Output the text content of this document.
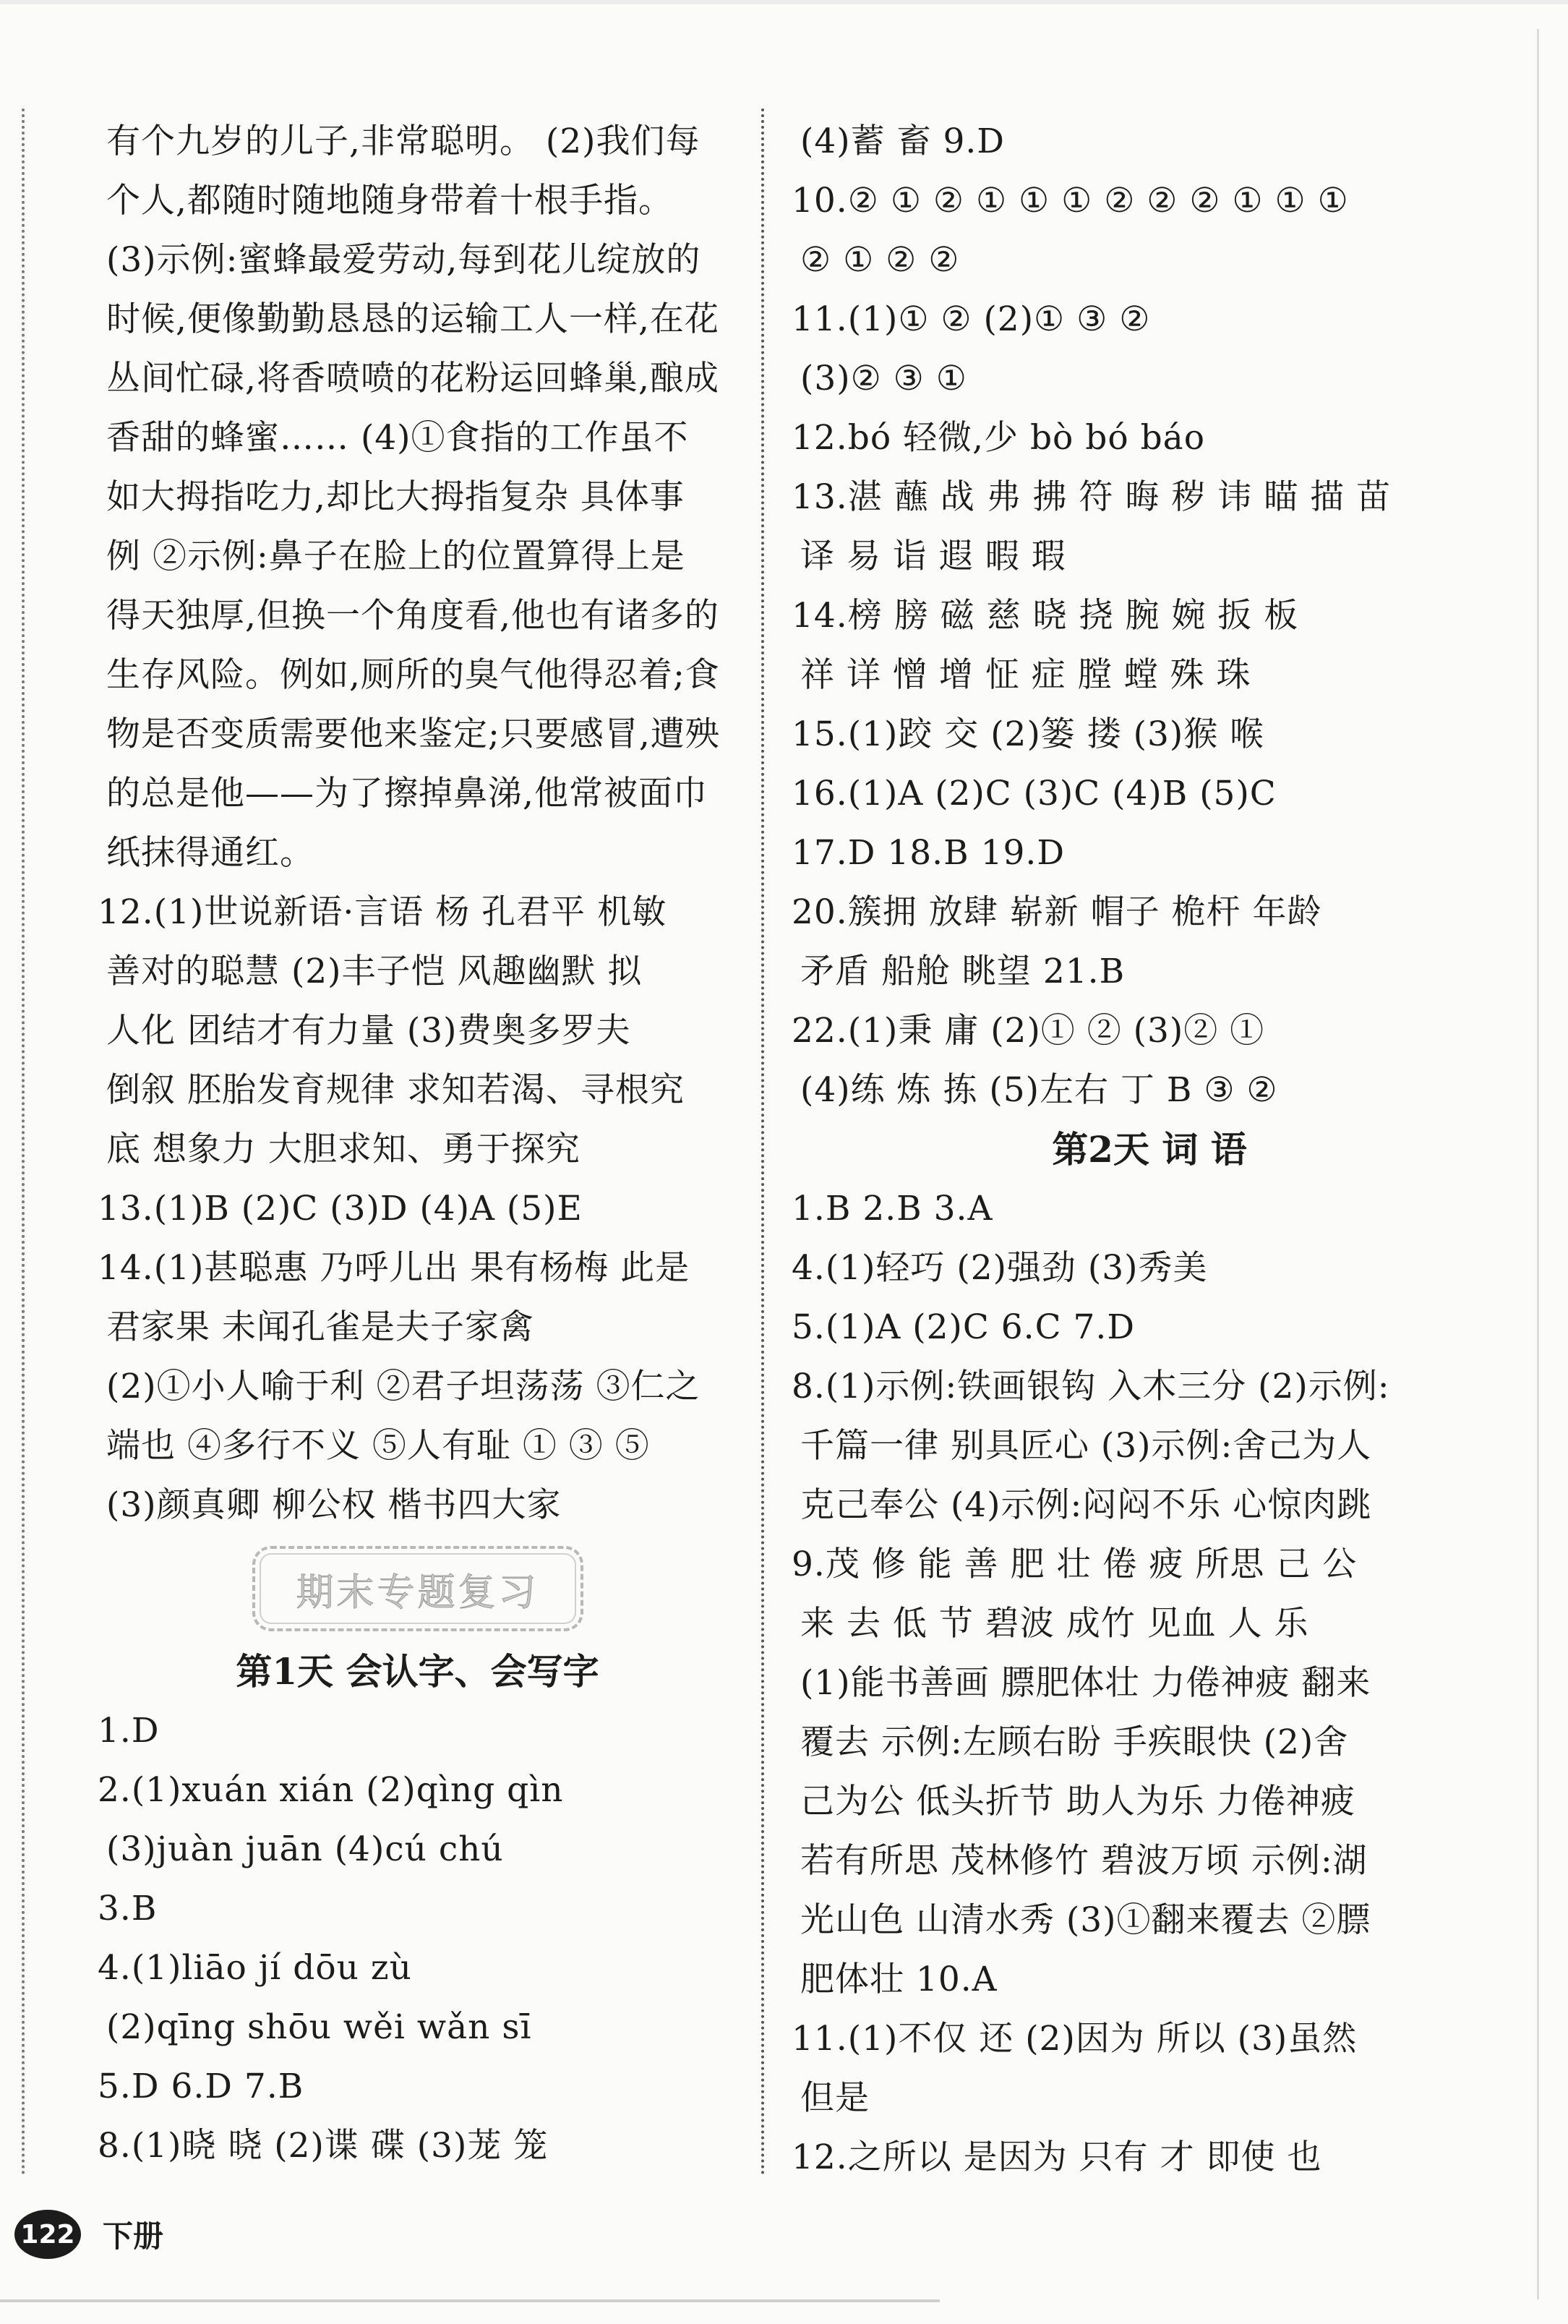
有个九岁的儿子,非常聪明。 (2)我们每
个人,都随时随地随身带着十根手指。
(3)示例:蜜蜂最爱劳动,每到花儿绽放的
时候,便像勤勤恳恳的运输工人一样,在花
丛间忙碌,将香喷喷的花粉运回蜂巢,酿成
香甜的蜂蜜…… (4)①食指的工作虽不
如大拇指吃力,却比大拇指复杂 具体事
例 ②示例:鼻子在脸上的位置算得上是
得天独厚,但换一个角度看,他也有诸多的
生存风险。例如,厕所的臭气他得忍着;食
物是否变质需要他来鉴定;只要感冒,遭殃
的总是他——为了擦掉鼻涕,他常被面巾
纸抹得通红。
12.(1)世说新语·言语 杨 孔君平 机敏
善对的聪慧 (2)丰子恺 风趣幽默 拟
人化 团结才有力量 (3)费奥多罗夫
倒叙 胚胎发育规律 求知若渴、寻根究
底 想象力 大胆求知、勇于探究
13.(1)B (2)C (3)D (4)A (5)E
14.(1)甚聪惠 乃呼儿出 果有杨梅 此是
君家果 未闻孔雀是夫子家禽
(2)①小人喻于利 ②君子坦荡荡 ③仁之
端也 ④多行不义 ⑤人有耻 ① ③ ⑤
(3)颜真卿 柳公权 楷书四大家
期末专题复习
第1天 会认字、会写字
1.D
2.(1)xuán xián (2)qìng qìn
(3)juàn juān (4)cú chú
3.B
4.(1)liāo jí dōu zù
(2)qīng shōu wěi wǎn sī
5.D 6.D 7.B
8.(1)晓 晓 (2)谍 碟 (3)茏 笼
(4)蓄 畜 9.D
10.② ① ② ① ① ① ② ② ② ① ① ①
② ① ② ②
11.(1)① ② (2)① ③ ②
(3)② ③ ①
12.bó 轻微,少 bò bó báo
13.湛 蘸 战 弗 拂 符 晦 秽 讳 瞄 描 苗
译 易 诣 遐 暇 瑕
14.榜 膀 磁 慈 晓 挠 腕 婉 扳 板
祥 详 憎 增 怔 症 膛 螳 殊 珠
15.(1)跤 交 (2)篓 搂 (3)猴 喉
16.(1)A (2)C (3)C (4)B (5)C
17.D 18.B 19.D
20.簇拥 放肆 崭新 帽子 桅杆 年龄
矛盾 船舱 眺望 21.B
22.(1)秉 庸 (2)① ② (3)② ①
(4)练 炼 拣 (5)左右 丁 B ③ ②
第2天 词 语
1.B 2.B 3.A
4.(1)轻巧 (2)强劲 (3)秀美
5.(1)A (2)C 6.C 7.D
8.(1)示例:铁画银钩 入木三分 (2)示例:
千篇一律 别具匠心 (3)示例:舍己为人
克己奉公 (4)示例:闷闷不乐 心惊肉跳
9.茂 修 能 善 肥 壮 倦 疲 所思 己 公
来 去 低 节 碧波 成竹 见血 人 乐
(1)能书善画 膘肥体壮 力倦神疲 翻来
覆去 示例:左顾右盼 手疾眼快 (2)舍
己为公 低头折节 助人为乐 力倦神疲
若有所思 茂林修竹 碧波万顷 示例:湖
光山色 山清水秀 (3)①翻来覆去 ②膘
肥体壮 10.A
11.(1)不仅 还 (2)因为 所以 (3)虽然
但是
12.之所以 是因为 只有 才 即使 也
122 下册
